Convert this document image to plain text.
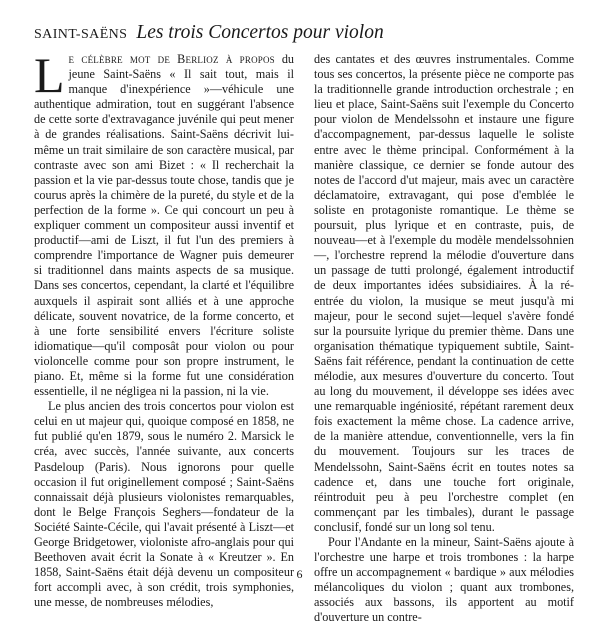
SAINT-SAËNS Les trois Concertos pour violon

Le célèbre mot de Berlioz à propos du jeune Saint-Saëns « Il sait tout, mais il manque d'inexpérience »—véhicule une authentique admiration, tout en suggérant l'absence de cette sorte d'extravagance juvénile qui peut mener à de grandes réalisations. Saint-Saëns décrivit lui-même un trait similaire de son caractère musical, par contraste avec son ami Bizet : « Il recherchait la passion et la vie par-dessus toute chose, tandis que je courus après la chimère de la pureté, du style et de la perfection de la forme ». Ce qui concourt un peu à expliquer comment un compositeur aussi inventif et productif—ami de Liszt, il fut l'un des premiers à comprendre l'importance de Wagner puis demeurer si traditionnel dans maints aspects de sa musique. Dans ses concertos, cependant, la clarté et l'équilibre auxquels il aspirait sont alliés et à une approche délicate, souvent novatrice, de la forme concerto, et à une forte sensibilité envers l'écriture soliste idiomatique—qu'il composât pour violon ou pour violoncelle comme pour son propre instrument, le piano. Et, même si la forme fut une considération essentielle, il ne négligea ni la passion, ni la vie.

Le plus ancien des trois concertos pour violon est celui en ut majeur qui, quoique composé en 1858, ne fut publié qu'en 1879, sous le numéro 2. Marsick le créa, avec succès, l'année suivante, aux concerts Pasdeloup (Paris). Nous ignorons pour quelle occasion il fut originellement composé ; Saint-Saëns connaissait déjà plusieurs violonistes remarquables, dont le Belge François Seghers—fondateur de la Société Sainte-Cécile, qui l'avait présenté à Liszt—et George Bridgetower, violoniste afro-anglais pour qui Beethoven avait écrit la Sonate à « Kreutzer ». En 1858, Saint-Saëns était déjà devenu un compositeur fort accompli avec, à son crédit, trois symphonies, une messe, de nombreuses mélodies,

des cantates et des œuvres instrumentales. Comme tous ses concertos, la présente pièce ne comporte pas la traditionnelle grande introduction orchestrale ; en lieu et place, Saint-Saëns suit l'exemple du Concerto pour violon de Mendelssohn et instaure une figure d'accompagnement, par-dessus laquelle le soliste entre avec le thème principal. Conformément à la manière classique, ce dernier se fonde autour des notes de l'accord d'ut majeur, mais avec un caractère déclamatoire, extravagant, qui pose d'emblée le soliste en protagoniste romantique. Le thème se poursuit, plus lyrique et en contraste, puis, de nouveau—et à l'exemple du modèle mendelssohnien—, l'orchestre reprend la mélodie d'ouverture dans un passage de tutti prolongé, également introductif de deux importantes idées subsidiaires. À la ré-entrée du violon, la musique se meut jusqu'à mi majeur, pour le second sujet—lequel s'avère fondé sur la poursuite lyrique du premier thème. Dans une organisation thématique typiquement subtile, Saint-Saëns fait référence, pendant la continuation de cette mélodie, aux mesures d'ouverture du concerto. Tout au long du mouvement, il développe ses idées avec une remarquable ingéniosité, répétant rarement deux fois exactement la même chose. La cadence arrive, de la manière attendue, conventionnelle, vers la fin du mouvement. Toujours sur les traces de Mendelssohn, Saint-Saëns écrit en toutes notes sa cadence et, dans une touche fort originale, réintroduit peu à peu l'orchestre complet (en commençant par les timbales), durant le passage conclusif, fondé sur un long sol tenu.

Pour l'Andante en la mineur, Saint-Saëns ajoute à l'orchestre une harpe et trois trombones : la harpe offre un accompagnement « bardique » aux mélodies mélancoliques du violon ; quant aux trombones, associés aux bassons, ils apportent au motif d'ouverture un contre-

6
